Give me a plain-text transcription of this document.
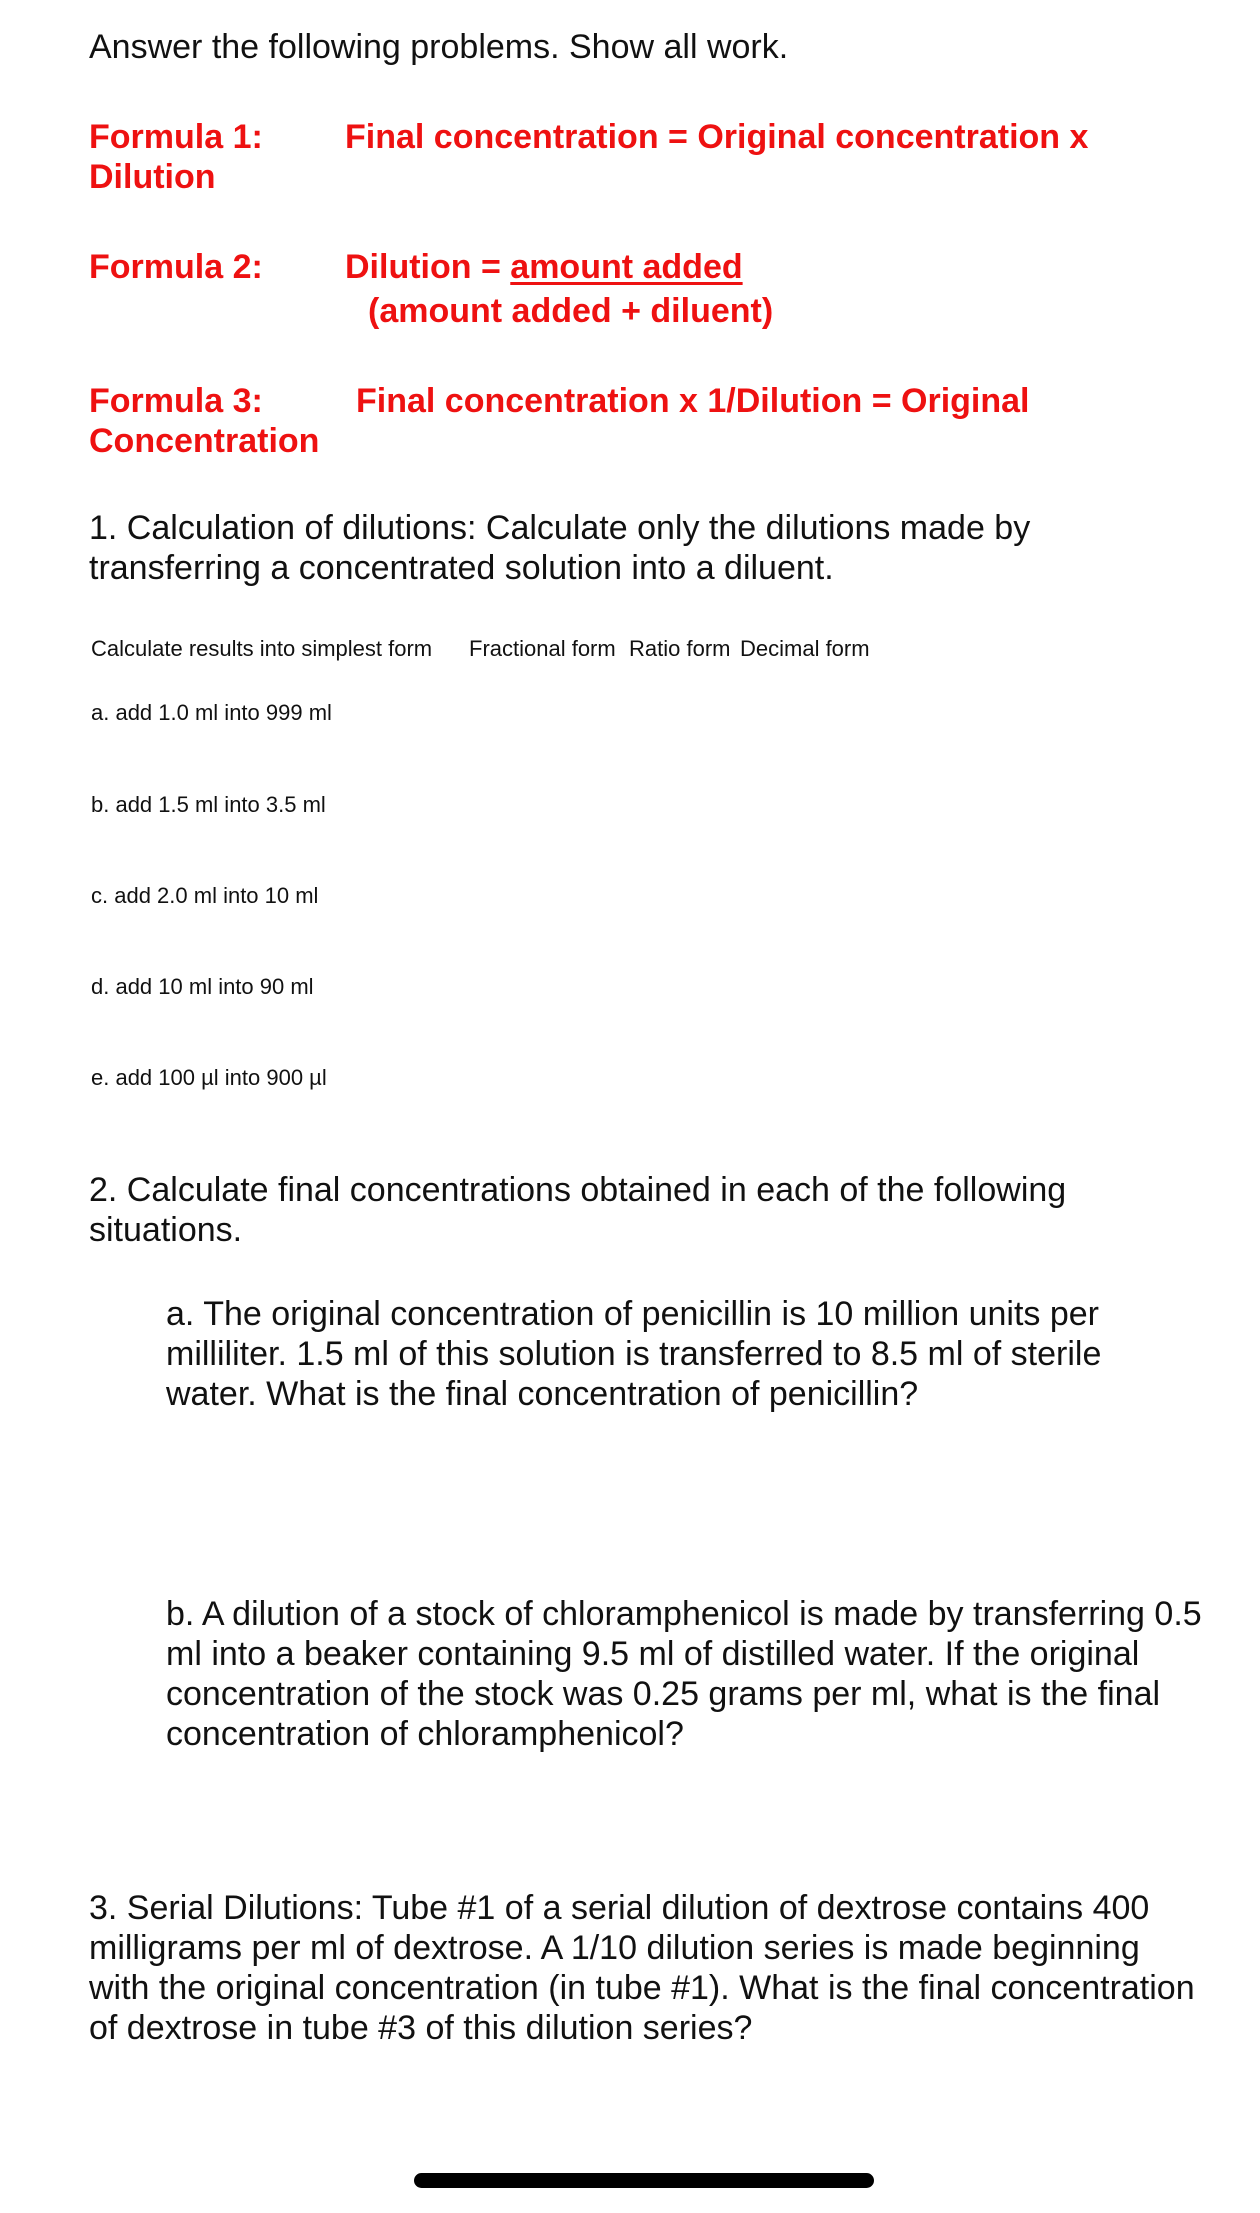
Answer the following problems. Show all work.
Formula 1: Final concentration = Original concentration x
Dilution
Formula 2: Dilution = amount added
(amount added + diluent)
Formula 3:	Final concentration x 1/Dilution = Original
Concentration
1. Calculation of dilutions: Calculate only the dilutions made by transferring a concentrated solution into a diluent.
Calculate results into simplest form Fractional form Ratio form Decimal form
a. add 1.0 ml into 999 ml
b. add 1.5 ml into 3.5 ml
c. add 2.0 ml into 10 ml
d. add 10 ml into 90 ml
e. add 100 µl into 900 µl
2. Calculate final concentrations obtained in each of the following situations.
a. The original concentration of penicillin is 10 million units per milliliter. 1.5 ml of this solution is transferred to 8.5 ml of sterile water. What is the final concentration of penicillin?
b. A dilution of a stock of chloramphenicol is made by transferring 0.5 ml into a beaker containing 9.5 ml of distilled water. If the original concentration of the stock was 0.25 grams per ml, what is the final concentration of chloramphenicol?
3. Serial Dilutions: Tube #1 of a serial dilution of dextrose contains 400 milligrams per ml of dextrose. A 1/10 dilution series is made beginning with the original concentration (in tube #1). What is the final concentration of dextrose in tube #3 of this dilution series?
